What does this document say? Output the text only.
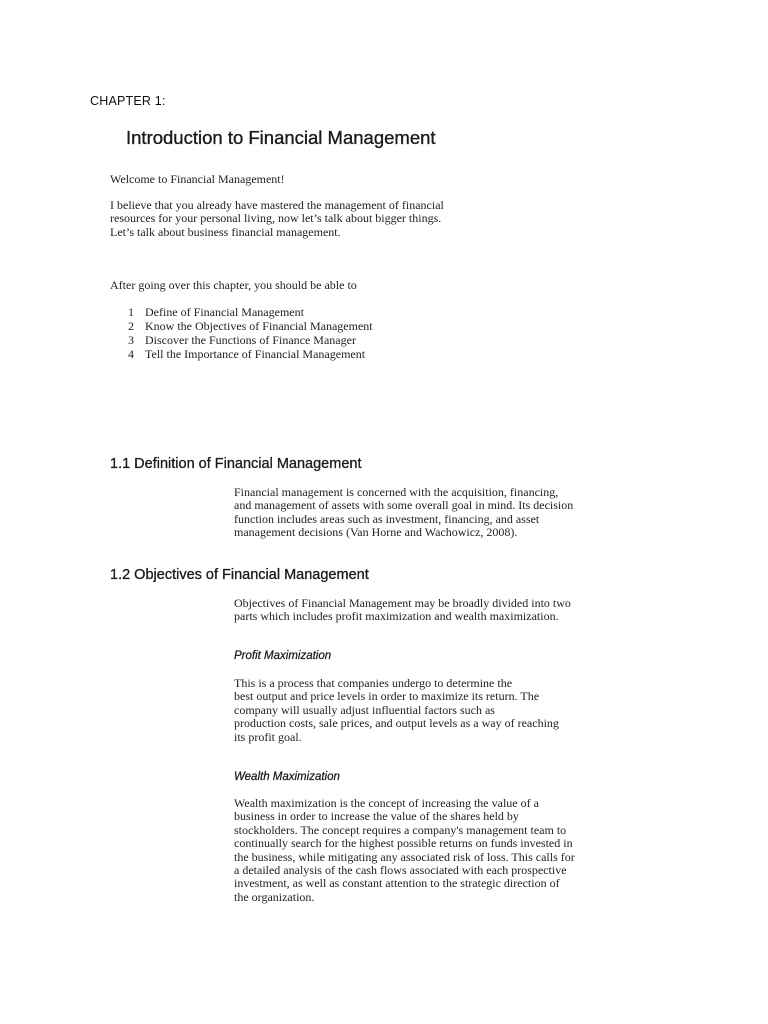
CHAPTER 1:
Introduction to Financial Management

Welcome to Financial Management!

I believe that you already have mastered the management of financial
resources for your personal living, now let’s talk about bigger things.
Let’s talk about business financial management.

After going over this chapter, you should be able to

1 Define of Financial Management
2 Know the Objectives of Financial Management
3 Discover the Functions of Finance Manager
4 Tell the Importance of Financial Management
1.1 Definition of Financial Management

Financial management is concerned with the acquisition, financing,
and management of assets with some overall goal in mind. Its decision
function includes areas such as investment, financing, and asset
management decisions (Van Horne and Wachowicz, 2008).

1.2 Objectives of Financial Management

Objectives of Financial Management may be broadly divided into two
parts which includes profit maximization and wealth maximization.

Profit Maximization

This is a process that companies undergo to determine the
best output and price levels in order to maximize its return. The
company will usually adjust influential factors such as
production costs, sale prices, and output levels as a way of reaching
its profit goal.

Wealth Maximization

Wealth maximization is the concept of increasing the value of a
business in order to increase the value of the shares held by
stockholders. The concept requires a company's management team to
continually search for the highest possible returns on funds invested in
the business, while mitigating any associated risk of loss. This calls for
a detailed analysis of the cash flows associated with each prospective
investment, as well as constant attention to the strategic direction of
the organization.
